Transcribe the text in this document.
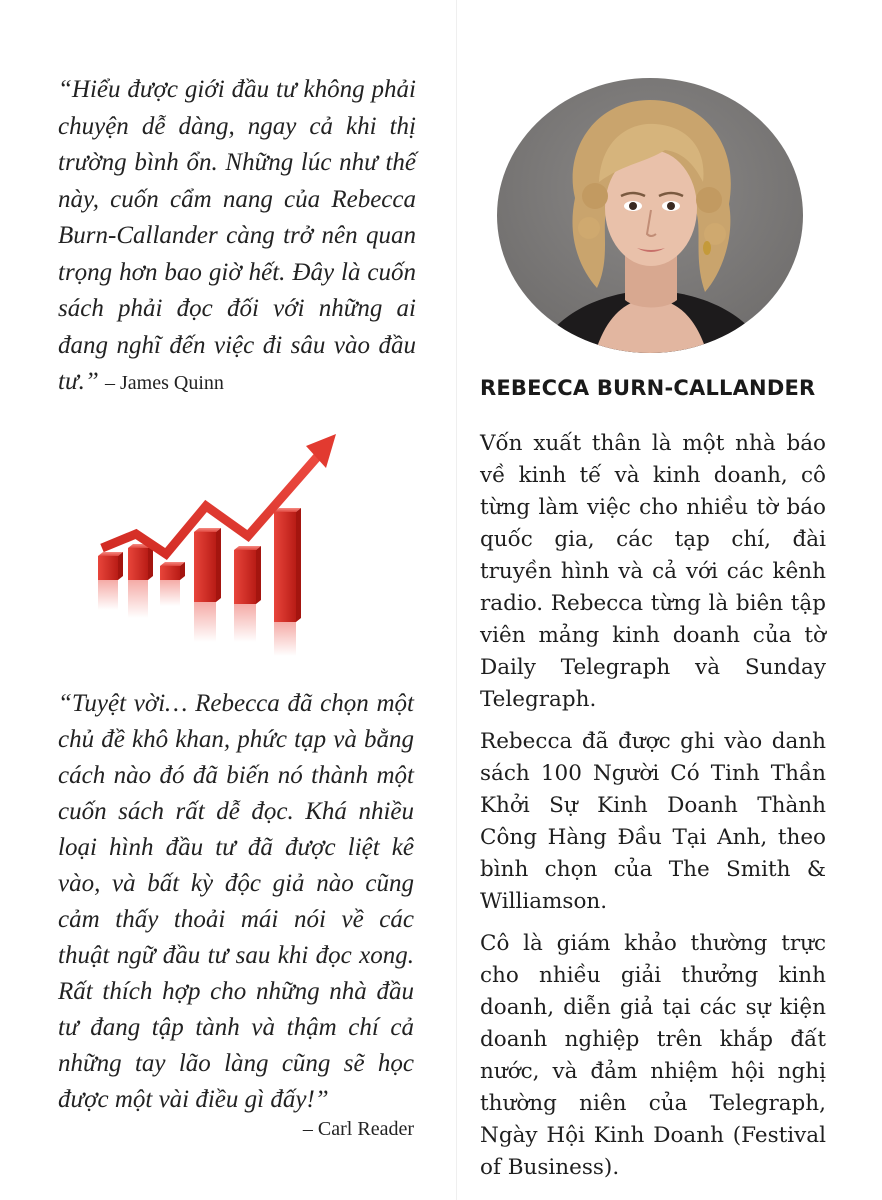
“Hiểu được giới đầu tư không phải chuyện dễ dàng, ngay cả khi thị trường bình ổn. Những lúc như thế này, cuốn cẩm nang của Rebecca Burn-Callander càng trở nên quan trọng hơn bao giờ hết. Đây là cuốn sách phải đọc đối với những ai đang nghĩ đến việc đi sâu vào đầu tư.” – James Quinn
“Tuyệt vời… Rebecca đã chọn một chủ đề khô khan, phức tạp và bằng cách nào đó đã biến nó thành một cuốn sách rất dễ đọc. Khá nhiều loại hình đầu tư đã được liệt kê vào, và bất kỳ độc giả nào cũng cảm thấy thoải mái nói về các thuật ngữ đầu tư sau khi đọc xong. Rất thích hợp cho những nhà đầu tư đang tập tành và thậm chí cả những tay lão làng cũng sẽ học được một vài điều gì đấy!”
– Carl Reader
REBECCA BURN-CALLANDER

Vốn xuất thân là một nhà báo về kinh tế và kinh doanh, cô từng làm việc cho nhiều tờ báo quốc gia, các tạp chí, đài truyền hình và cả với các kênh radio. Rebecca từng là biên tập viên mảng kinh doanh của tờ Daily Telegraph và Sunday Telegraph.

Rebecca đã được ghi vào danh sách 100 Người Có Tinh Thần Khởi Sự Kinh Doanh Thành Công Hàng Đầu Tại Anh, theo bình chọn của The Smith & Williamson.

Cô là giám khảo thường trực cho nhiều giải thưởng kinh doanh, diễn giả tại các sự kiện doanh nghiệp trên khắp đất nước, và đảm nhiệm hội nghị thường niên của Telegraph, Ngày Hội Kinh Doanh (Festival of Business).
